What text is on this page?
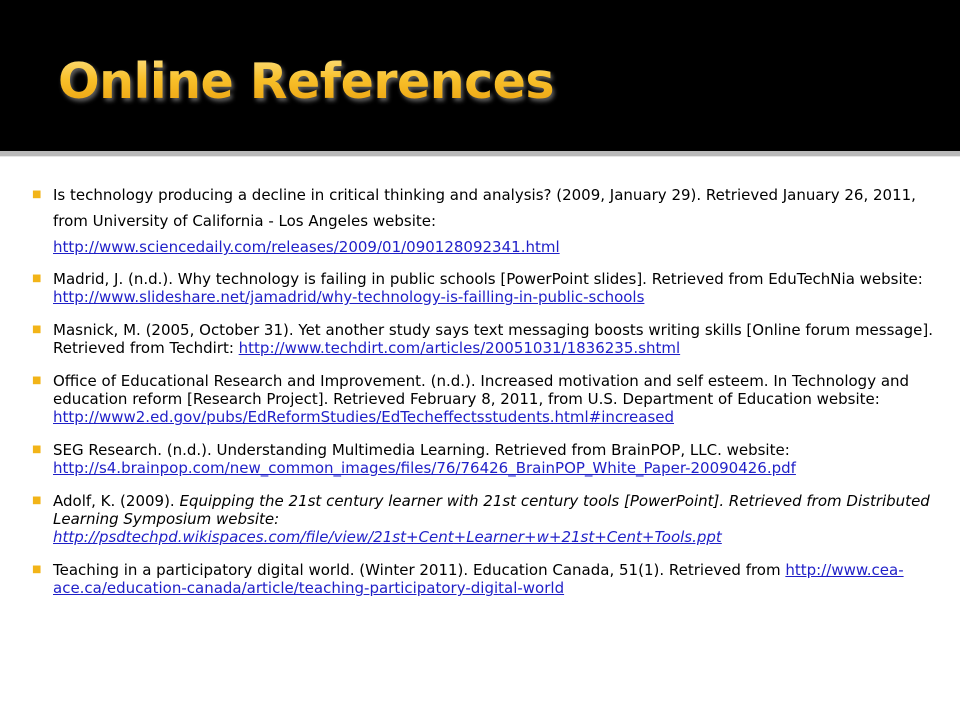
Online References
■ Is technology producing a decline in critical thinking and analysis? (2009, January 29). Retrieved January 26, 2011, from University of California - Los Angeles website: http://www.sciencedaily.com/releases/2009/01/090128092341.html
■ Madrid, J. (n.d.). Why technology is failing in public schools [PowerPoint slides]. Retrieved from EduTechNia website: http://www.slideshare.net/jamadrid/why-technology-is-failling-in-public-schools
■ Masnick, M. (2005, October 31). Yet another study says text messaging boosts writing skills [Online forum message]. Retrieved from Techdirt: http://www.techdirt.com/articles/20051031/1836235.shtml
■ Office of Educational Research and Improvement. (n.d.). Increased motivation and self esteem. In Technology and education reform [Research Project]. Retrieved February 8, 2011, from U.S. Department of Education website: http://www2.ed.gov/pubs/EdReformStudies/EdTecheffectsstudents.html#increased
■ SEG Research. (n.d.). Understanding Multimedia Learning. Retrieved from BrainPOP, LLC. website: http://s4.brainpop.com/new_common_images/files/76/76426_BrainPOP_White_Paper-20090426.pdf
■ Adolf, K. (2009). Equipping the 21st century learner with 21st century tools [PowerPoint]. Retrieved from Distributed Learning Symposium website: http://psdtechpd.wikispaces.com/file/view/21st+Cent+Learner+w+21st+Cent+Tools.ppt
■ Teaching in a participatory digital world. (Winter 2011). Education Canada, 51(1). Retrieved from http://www.cea-ace.ca/education-canada/article/teaching-participatory-digital-world
